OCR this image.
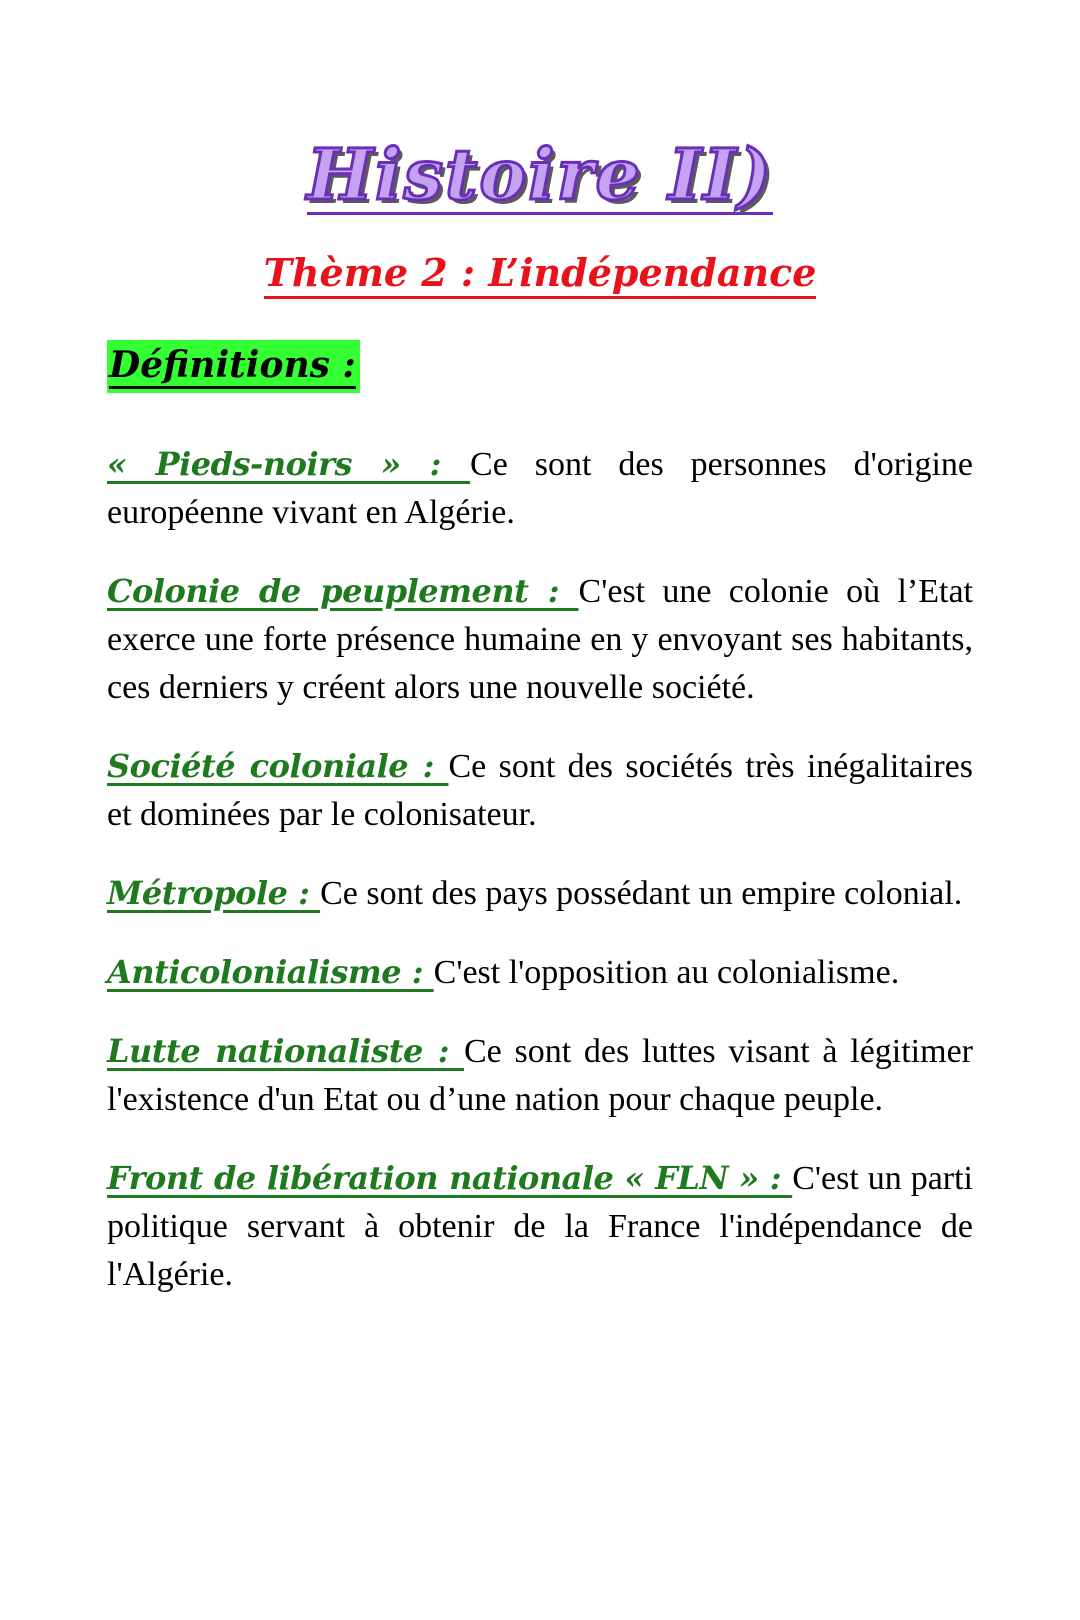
Histoire II)
Thème 2 : L’indépendance
Définitions :

« Pieds-noirs » : Ce sont des personnes d'origine européenne vivant en Algérie.

Colonie de peuplement : C'est une colonie où l’Etat exerce une forte présence humaine en y envoyant ses habitants, ces derniers y créent alors une nouvelle société.

Société coloniale : Ce sont des sociétés très inégalitaires et dominées par le colonisateur.

Métropole : Ce sont des pays possédant un empire colonial.

Anticolonialisme : C'est l'opposition au colonialisme.

Lutte nationaliste : Ce sont des luttes visant à légitimer l'existence d'un Etat ou d’une nation pour chaque peuple.

Front de libération nationale « FLN » : C'est un parti politique servant à obtenir de la France l'indépendance de l'Algérie.
